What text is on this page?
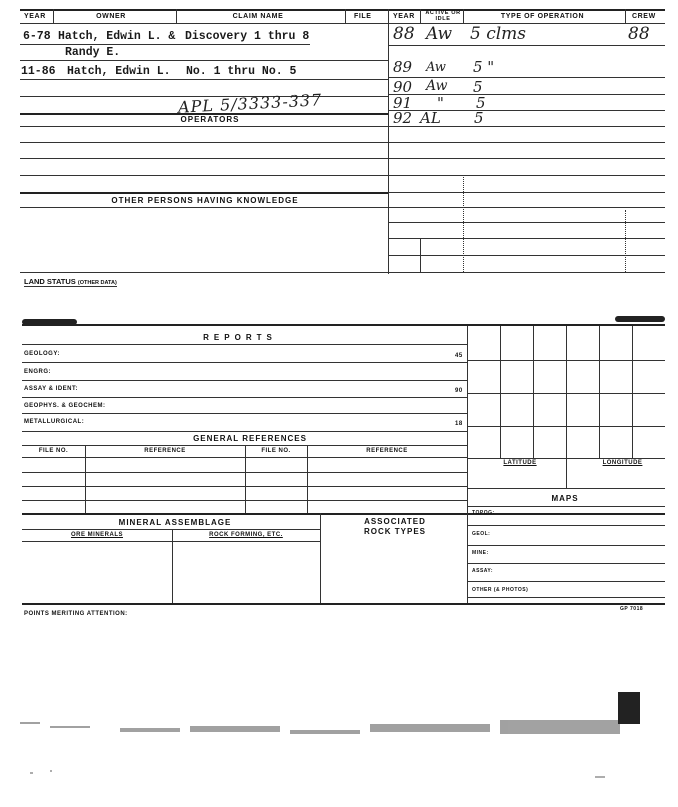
YEAR	OWNER	CLAIM NAME	FILE	YEAR	ACTIVE OR IDLE	TYPE OF OPERATION	CREW
6-78 Hatch, Edwin L. & Discovery 1 thru 8
Randy E.
11-86 Hatch, Edwin L. No. 1 thru No. 5
APL 5/3333-337
OPERATORS
OTHER PERSONS HAVING KNOWLEDGE
88 Aw 5 clms	88
89 Aw 5 "
90 Aw 5
91 " 5
92 AL 5
LAND STATUS (OTHER DATA)
REPORTS
GEOLOGY:	45
ENGRG:
ASSAY & IDENT:	90
GEOPHYS. & GEOCHEM:
METALLURGICAL:	18
GENERAL REFERENCES
FILE NO.	REFERENCE	FILE NO.	REFERENCE
LATITUDE	LONGITUDE
MAPS
TOPOG:
GEOL:
MINE:
ASSAY:
OTHER (& PHOTOS)
MINERAL ASSEMBLAGE	ASSOCIATED
ROCK TYPES
ORE MINERALS	ROCK FORMING, ETC.
POINTS MERITING ATTENTION:
GP 7018
